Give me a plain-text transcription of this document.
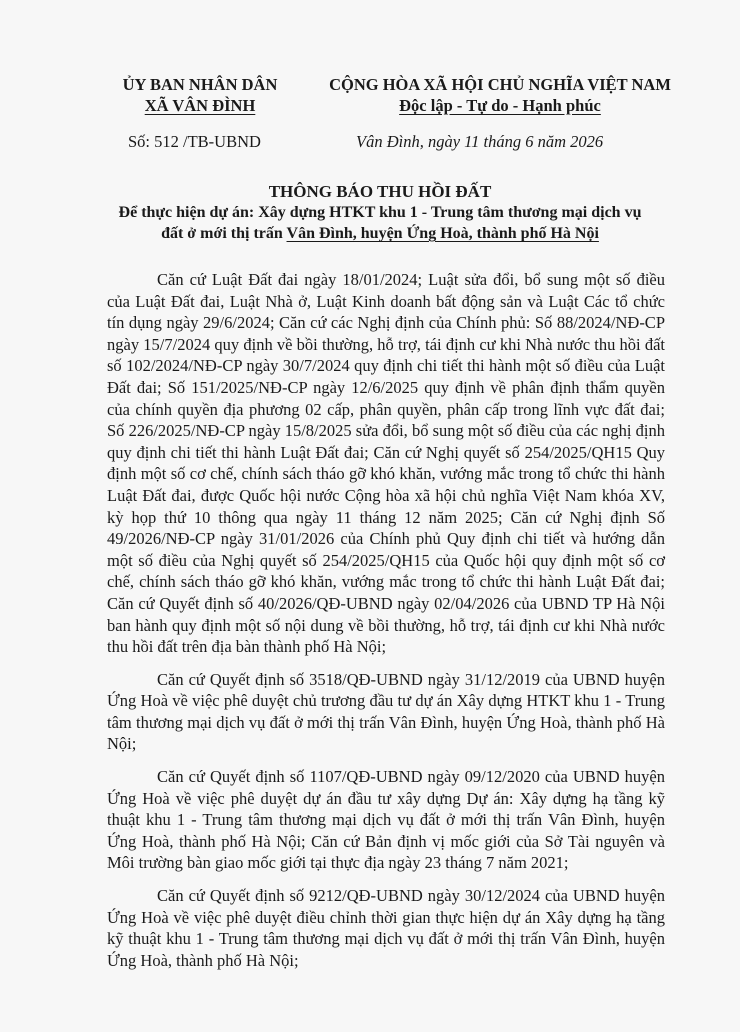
ỦY BAN NHÂN DÂN
XÃ VÂN ĐÌNH
CỘNG HÒA XÃ HỘI CHỦ NGHĨA VIỆT NAM
Độc lập - Tự do - Hạnh phúc
Số: 512 /TB-UBND	Vân Đình, ngày 11 tháng 6 năm 2026
THÔNG BÁO THU HỒI ĐẤT
Để thực hiện dự án: Xây dựng HTKT khu 1 - Trung tâm thương mại dịch vụ
đất ở mới thị trấn Vân Đình, huyện Ứng Hoà, thành phố Hà Nội

Căn cứ Luật Đất đai ngày 18/01/2024; Luật sửa đổi, bổ sung một số điều của Luật Đất đai, Luật Nhà ở, Luật Kinh doanh bất động sản và Luật Các tổ chức tín dụng ngày 29/6/2024; Căn cứ các Nghị định của Chính phủ: Số 88/2024/NĐ-CP ngày 15/7/2024 quy định về bồi thường, hỗ trợ, tái định cư khi Nhà nước thu hồi đất số 102/2024/NĐ-CP ngày 30/7/2024 quy định chi tiết thi hành một số điều của Luật Đất đai; Số 151/2025/NĐ-CP ngày 12/6/2025 quy định về phân định thẩm quyền của chính quyền địa phương 02 cấp, phân quyền, phân cấp trong lĩnh vực đất đai; Số 226/2025/NĐ-CP ngày 15/8/2025 sửa đổi, bổ sung một số điều của các nghị định quy định chi tiết thi hành Luật Đất đai; Căn cứ Nghị quyết số 254/2025/QH15 Quy định một số cơ chế, chính sách tháo gỡ khó khăn, vướng mắc trong tổ chức thi hành Luật Đất đai, được Quốc hội nước Cộng hòa xã hội chủ nghĩa Việt Nam khóa XV, kỳ họp thứ 10 thông qua ngày 11 tháng 12 năm 2025; Căn cứ Nghị định Số 49/2026/NĐ-CP ngày 31/01/2026 của Chính phủ Quy định chi tiết và hướng dẫn một số điều của Nghị quyết số 254/2025/QH15 của Quốc hội quy định một số cơ chế, chính sách tháo gỡ khó khăn, vướng mắc trong tổ chức thi hành Luật Đất đai; Căn cứ Quyết định số 40/2026/QĐ-UBND ngày 02/04/2026 của UBND TP Hà Nội ban hành quy định một số nội dung về bồi thường, hỗ trợ, tái định cư khi Nhà nước thu hồi đất trên địa bàn thành phố Hà Nội;

Căn cứ Quyết định số 3518/QĐ-UBND ngày 31/12/2019 của UBND huyện Ứng Hoà về việc phê duyệt chủ trương đầu tư dự án Xây dựng HTKT khu 1 - Trung tâm thương mại dịch vụ đất ở mới thị trấn Vân Đình, huyện Ứng Hoà, thành phố Hà Nội;

Căn cứ Quyết định số 1107/QĐ-UBND ngày 09/12/2020 của UBND huyện Ứng Hoà về việc phê duyệt dự án đầu tư xây dựng Dự án: Xây dựng hạ tầng kỹ thuật khu 1 - Trung tâm thương mại dịch vụ đất ở mới thị trấn Vân Đình, huyện Ứng Hoà, thành phố Hà Nội; Căn cứ Bản định vị mốc giới của Sở Tài nguyên và Môi trường bàn giao mốc giới tại thực địa ngày 23 tháng 7 năm 2021;

Căn cứ Quyết định số 9212/QĐ-UBND ngày 30/12/2024 của UBND huyện Ứng Hoà về việc phê duyệt điều chỉnh thời gian thực hiện dự án Xây dựng hạ tầng kỹ thuật khu 1 - Trung tâm thương mại dịch vụ đất ở mới thị trấn Vân Đình, huyện Ứng Hoà, thành phố Hà Nội;
